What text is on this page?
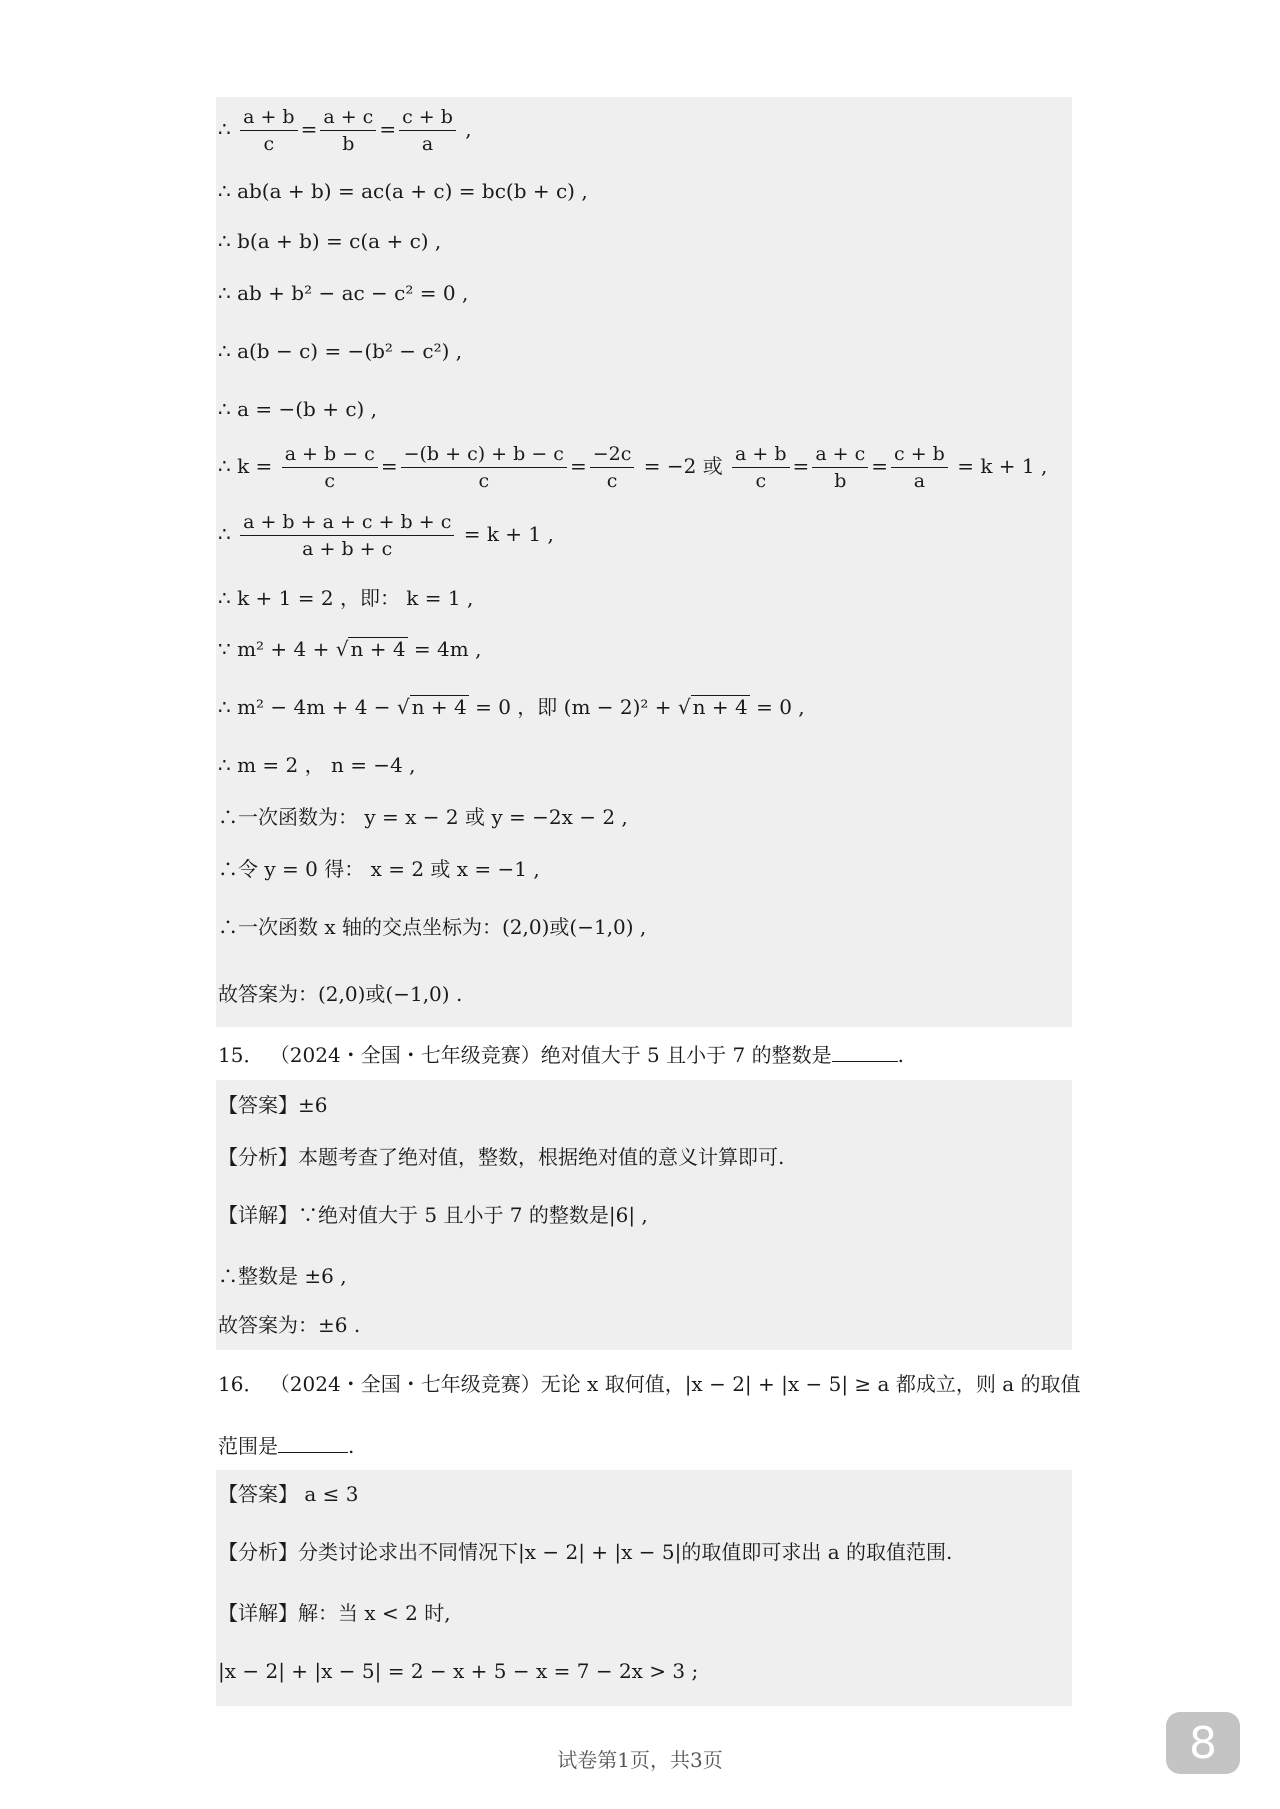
∴ $\frac{a + b}{c} = \frac{a + c}{b} = \frac{c + b}{a}$ ,
∴ ab(a + b) = ac(a + c) = bc(b + c) ,
∴ b(a + b) = c(a + c) ,
∴ ab + b² − ac − c² = 0 ,
∴ a(b − c) = −(b² − c²) ,
∴ a = −(b + c) ,
∴ $k = \frac{a + b - c}{c} = \frac{-(b + c) + b - c}{c} = \frac{-2c}{c} = -2$ 或 $\frac{a + b}{c} = \frac{a + c}{b} = \frac{c + b}{a} = k + 1$ ,
∴ $\frac{a + b + a + c + b + c}{a + b + c} = k + 1$ ,
∴ k + 1 = 2 ，即： k = 1 ,
∵ m² + 4 + √ n + 4 = 4m ,
∴ m² − 4m + 4 − √ n + 4 = 0 ，即 (m − 2)² + √ n + 4 = 0 ,
∴ m = 2 ， n = −4 ,
∴一次函数为： y = x − 2 或 y = −2x − 2 ,
∴令 y = 0 得： x = 2 或 x = −1 ,
∴一次函数 x 轴的交点坐标为：(2,0)或(−1,0) ,
故答案为：(2,0)或(−1,0) .
15． （2024・全国・七年级竞赛）绝对值大于 5 且小于 7 的整数是	.
【答案】±6
【分析】本题考查了绝对值，整数，根据绝对值的意义计算即可.
【详解】∵绝对值大于 5 且小于 7 的整数是|6| ,
∴整数是 ±6 ,
故答案为：±6 .
16． （2024・全国・七年级竞赛）无论 x 取何值，|x − 2| + |x − 5| ≥ a 都成立，则 a 的取值
范围是	.
【答案】 a ≤ 3
【分析】分类讨论求出不同情况下|x − 2| + |x − 5|的取值即可求出 a 的取值范围.
【详解】解：当 x < 2 时,
|x − 2| + |x − 5| = 2 − x + 5 − x = 7 − 2x > 3 ;
试卷第1页，共3页	8
